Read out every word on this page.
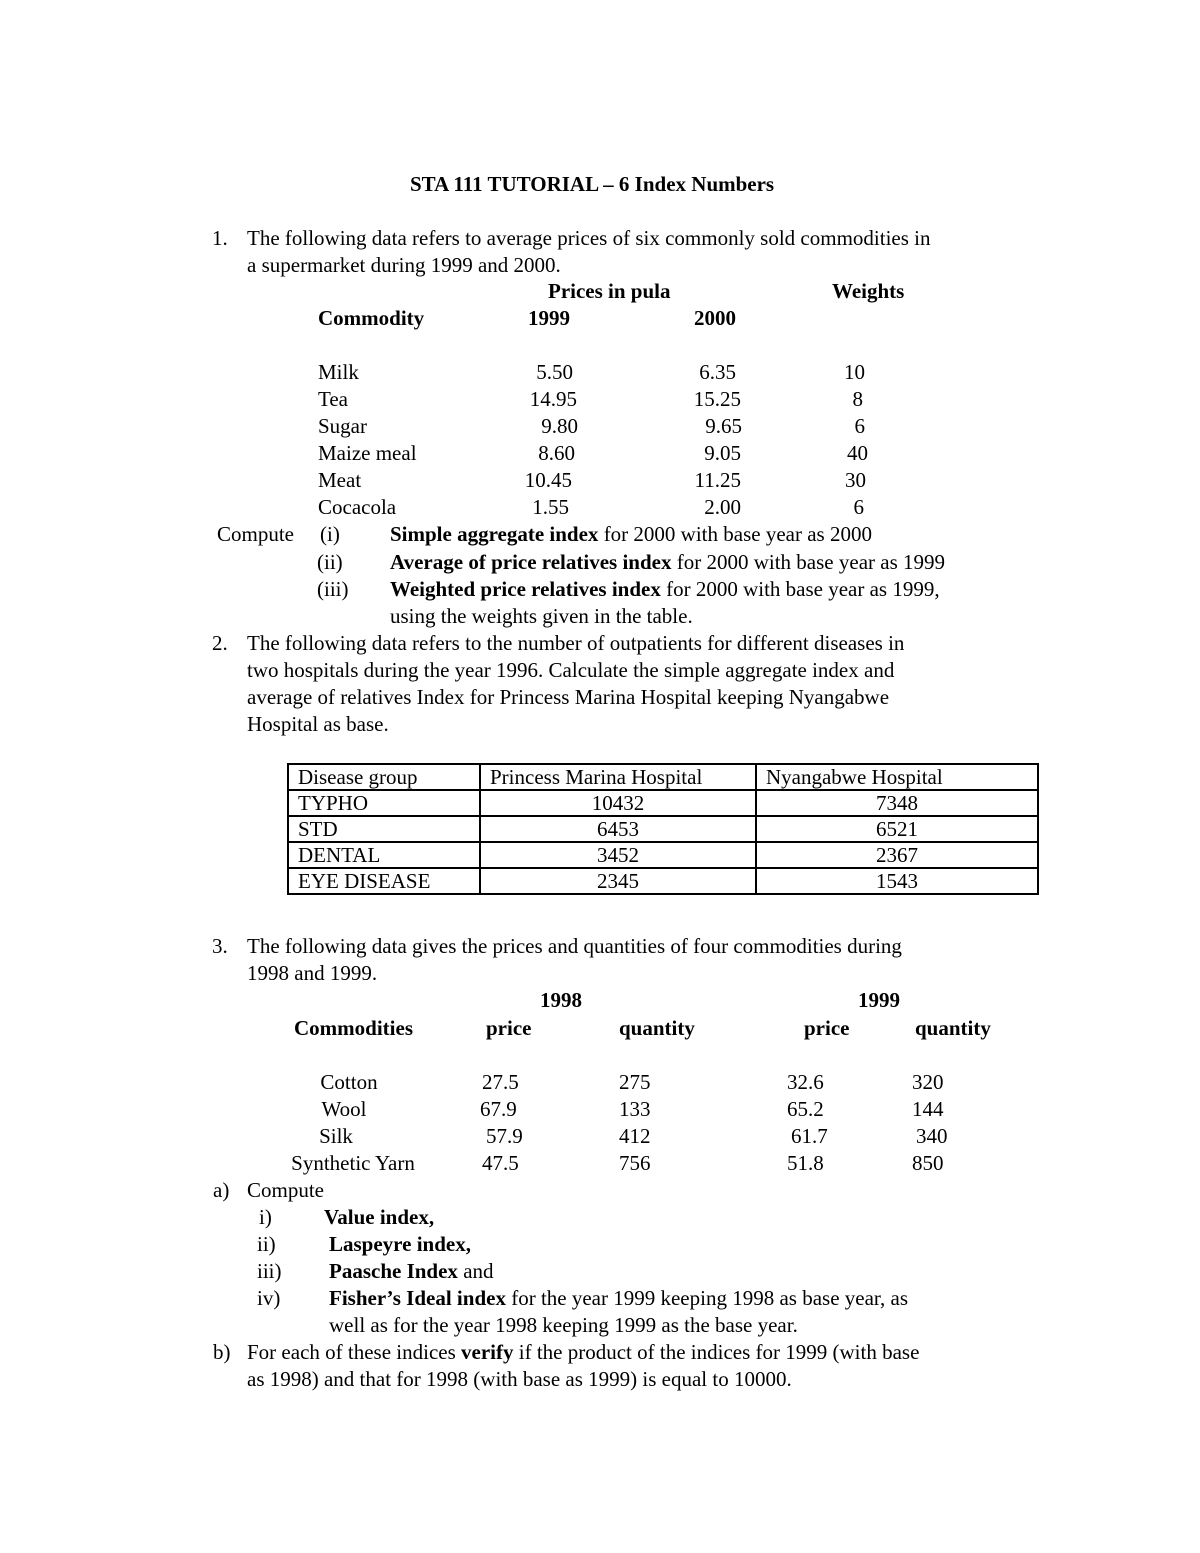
STA 111 TUTORIAL – 6 Index Numbers
1. The following data refers to average prices of six commonly sold commodities in
a supermarket during 1999 and 2000.
Prices in pula	Weights
Commodity	1999	2000
Milk	5.50	6.35	10
Tea	14.95	15.25	8
Sugar	9.80	9.65	6
Maize meal	8.60	9.05	40
Meat	10.45	11.25	30
Cocacola	1.55	2.00	6
Compute (i) Simple aggregate index for 2000 with base year as 2000
(ii) Average of price relatives index for 2000 with base year as 1999
(iii) Weighted price relatives index for 2000 with base year as 1999,
using the weights given in the table.
2. The following data refers to the number of outpatients for different diseases in
two hospitals during the year 1996. Calculate the simple aggregate index and
average of relatives Index for Princess Marina Hospital keeping Nyangabwe
Hospital as base.
Disease group	Princess Marina Hospital	Nyangabwe Hospital
TYPHO	10432	7348
STD	6453	6521
DENTAL	3452	2367
EYE DISEASE	2345	1543
3. The following data gives the prices and quantities of four commodities during
1998 and 1999.
1998	1999
Commodities	price	quantity	price	quantity
Cotton	27.5	275	32.6	320
Wool	67.9	133	65.2	144
Silk	57.9	412	61.7	340
Synthetic Yarn	47.5	756	51.8	850
a) Compute
i) Value index,
ii)	Laspeyre index,
iii) Paasche Index and
iv) Fisher’s Ideal index for the year 1999 keeping 1998 as base year, as
well as for the year 1998 keeping 1999 as the base year.
b) For each of these indices verify if the product of the indices for 1999 (with base
as 1998) and that for 1998 (with base as 1999) is equal to 10000.
